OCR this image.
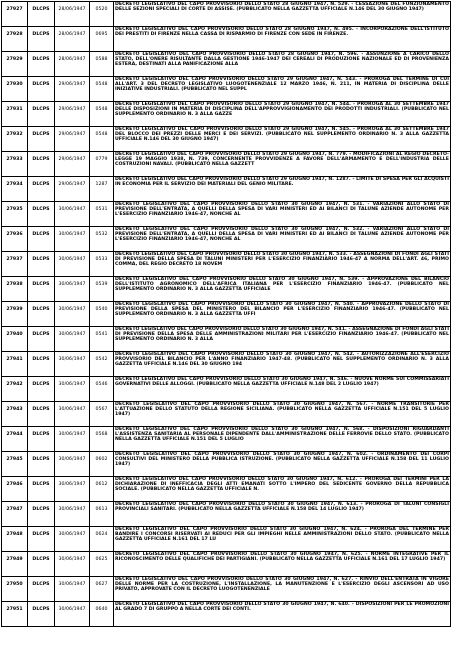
27927	DLCPS	28/06/1947	0520	DECRETO LEGISLATIVO DEL CAPO PROVVISORIO DELLO STATO 28 GIUGNO 1947, N. 529. - CESSAZIONE DEL FUNZIONAMENTO DELLE SEZIONI SPECIALI DI CORTE DI ASSISE. (PUBBLICATO NELLA GAZZETTA UFFICIALE N.146 DEL 30 GIUGNO 1947)
27928	DLCPS	28/06/1947	0695	DECRETO LEGISLATIVO DEL CAPO PROVVISORIO DELLO STATO 28 GIUGNO 1947, N. 495. - INCORPORAZIONE DELL'ISTITUTO DEI PRESTITI DI FIRENZE NELLA CASSA DI RISPARMIO DI FIRENZE CON SEDE IN FIRENZE.
27929	DLCPS	28/06/1947	0588	DECRETO LEGISLATIVO DEL CAPO PROVVISORIO DELLO STATO 28 GIUGNO 1947, N. 596. - ASSUNZIONE A CARICO DELLO STATO, DELL'ONERE RISULTANTE DALLA GESTIONE 1946-1947 DEI CEREALI DI PRODUZIONE NAZIONALE ED DI PROVENIENZA ESTERA, DESTINATI ALLA PANIFICAZIONE ALLA
27930	DLCPS	29/06/1947	0548	DECRETO LEGISLATIVO DEL CAPO PROVVISORIO DELLO STATO 29 GIUGNO 1947, N. 543. - PROROGA DEL TERMINE DI CUI ALL'ART. 3 DEL DECRETO LEGISLATIVO LUOGOTENENZIALE 12 MARZO 1946, N. 211, IN MATERIA DI DISCIPLINA DELLE INIZIATIVE INDUSTRIALI. (PUBBLICATO NEL SUPPL
27931	DLCPS	29/06/1947	0548	DECRETO LEGISLATIVO DEL CAPO PROVVISORIO DELLO STATO 29 GIUGNO 1947, N. 544. - PROROGA AL 30 SETTEMBRE 1947 DELLE DISPOSIZIONI IN MATERIA DI DISCIPLINA DELL'APPROVVIGIONAMENTO DEI PRODOTTI INDUSTRIALI. (PUBBLICATO NEL SUPPLEMENTO ORDINARIO N. 3 ALLA GAZZE
27932	DLCPS	29/06/1947	0548	DECRETO LEGISLATIVO DEL CAPO PROVVISORIO DELLO STATO 29 GIUGNO 1947, N. 545. - PROROGA AL 30 SETTEMBRE 1947 DEL BLOCCO DEI PREZZI DELLE MERCI E DEI SERVIZI. (PUBBLICATO NEL SUPPLEMENTO ORDINARIO N. 3 ALLA GAZZETTA UFFICIALE N.146 DEL 30 GIUGNO 1947)
27933	DLCPS	29/06/1947	0779	DECRETO LEGISLATIVO DEL CAPO PROVVISORIO DELLO STATO 29 GIUGNO 1947, N. 779. - MODIFICAZIONI AL REGIO DECRETO-LEGGE 19 MAGGIO 1938, N. 739, CONCERNENTE PROVVIDENZE A FAVORE DELL'ARMAMENTO E DELL'INDUSTRIA DELLE COSTRUZIONI NAVALI. (PUBBLICATO NELLA GAZZETT
27934	DLCPS	29/06/1947	1287	DECRETO LEGISLATIVO DEL CAPO PROVVISORIO DELLO STATO 29 GIUGNO 1947, N. 1287. - LIMITE DI SPESA PER GLI ACQUISTI IN ECONOMIA PER IL SERVIZIO DEI MATERIALI DEL GENIO MILITARE.
27935	DLCPS	30/06/1947	0531	DECRETO LEGISLATIVO DEL CAPO PROVVISORIO DELLO STATO 30 GIUGNO 1947, N. 531. - VARIAZIONI ALLO STATO DI PREVISIONE DELL'ENTRATA, A QUELLI DELLA SPESA DI VARI MINISTERI ED AI BILANCI DI TALUNE AZIENDE AUTONOME PER L'ESERCIZIO FINANZIARIO 1946-47, NONCHE AL
27936	DLCPS	30/06/1947	0532	DECRETO LEGISLATIVO DEL CAPO PROVVISORIO DELLO STATO 30 GIUGNO 1947, N. 532. - VARIAZIONI ALLO STATO DI PREVISIONE DELL'ENTRATA, A QUELLI DELLA SPESA DI VARI MINISTERI ED AI BILANCI DI TALUNE AZIENDE AUTONOME PER L'ESERCIZIO FINANZIARIO 1946-47, NONCHE AL
27937	DLCPS	30/06/1947	0533	DECRETO LEGISLATIVO DEL CAPO PROVVISORIO DELLO STATO 30 GIUGNO 1947, N. 533. - ASSEGNAZIONI DI FONDI AGLI STATI DI PREVISIONE DELLA SPESA DI TALUNI MINISTERI PER L'ESERCIZIO FINANZIARIO 1946-47 A NORMA DELL'ART. 46, PRIMO COMMA, DEL REGIO DECRETO 18 NOVEM
27938	DLCPS	30/06/1947	0539	DECRETO LEGISLATIVO DEL CAPO PROVVISORIO DELLO STATO 30 GIUGNO 1947, N. 539. - APPROVAZIONE DEL BILANCIO DELL'ISTITUTO AGRONOMICO DELL'AFRICA ITALIANA PER L'ESERCIZIO FINANZIARIO 1946-47. (PUBBLICATO NEL SUPPLEMENTO ORDINARIO N. 3 ALLA GAZZETTA UFFICIALE
27939	DLCPS	30/06/1947	0540	DECRETO LEGISLATIVO DEL CAPO PROVVISORIO DELLO STATO 30 GIUGNO 1947, N. 540. - APPROVAZIONE DELLO STATO DI PREVISIONE DELLA SPESA DEL MINISTERO DEL BILANCIO PER L'ESERCIZIO FINANZIARIO 1946-47. (PUBBLICATO NEL SUPPLEMENTO ORDINARIO N. 3 ALLA GAZZETTA UFFI
27940	DLCPS	30/06/1947	0541	DECRETO LEGISLATIVO DEL CAPO PROVVISORIO DELLO STATO 30 GIUGNO 1947, N. 541. - ASSEGNAZIONE DI FONDI AGLI STATI DI PREVISIONE DELLA SPESA DELLE AMMINISTRAZIONI MILITARI PER L'ESERCIZIO FINANZIARIO 1946-47. (PUBBLICATO NEL SUPPLEMENTO ORDINARIO N. 3 ALLA
27941	DLCPS	30/06/1947	0542	DECRETO LEGISLATIVO DEL CAPO PROVVISORIO DELLO STATO 30 GIUGNO 1947, N. 542. - AUTORIZZAZIONE ALL'ESERCIZIO PROVVISORIO DEL BILANCIO PER L'ANNO FINANZIARIO 1947-48. (PUBBLICATO NEL SUPPLEMENTO ORDINARIO N. 3 ALLA GAZZETTA UFFICIALE N.146 DEL 30 GIUGNO 194
27942	DLCPS	30/06/1947	0546	DECRETO LEGISLATIVO DEL CAPO PROVVISORIO DELLO STATO 30 GIUGNO 1947, N. 546. - NUOVE NORME SUI COMMISSARIATI GOVERNATIVI DELLE ALLOGGI. (PUBBLICATO NELLA GAZZETTA UFFICIALE N.148 DEL 2 LUGLIO 1947)
27943	DLCPS	30/06/1947	0567	DECRETO LEGISLATIVO DEL CAPO PROVVISORIO DELLO STATO 30 GIUGNO 1947, N. 567. - NORME TRANSITORIE PER L'ATTUAZIONE DELLO STATUTO DELLA REGIONE SICILIANA. (PUBBLICATO NELLA GAZZETTA UFFICIALE N.151 DEL 5 LUGLIO 1947)
27944	DLCPS	30/06/1947	0568	DECRETO LEGISLATIVO DEL CAPO PROVVISORIO DELLO STATO 30 GIUGNO 1947, N. 568. - DISPOSIZIONI RIGUARDANTI L'ASSISTENZA SANITARIA AL PERSONALE DIPENDENTE DALL'AMMINISTRAZIONE DELLE FERROVIE DELLO STATO. (PUBBLICATO NELLA GAZZETTA UFFICIALE N.151 DEL 5 LUGLIO
27945	DLCPS	30/06/1947	0602	DECRETO LEGISLATIVO DEL CAPO PROVVISORIO DELLO STATO 30 GIUGNO 1947, N. 602. - ORDINAMENTO DEI CORPI CONSULTIVI DEL MINISTERO DELLA PUBBLICA ISTRUZIONE. (PUBBLICATO NELLA GAZZETTA UFFICIALE N.158 DEL 11 LUGLIO 1947)
27946	DLCPS	30/06/1947	0612	DECRETO LEGISLATIVO DEL CAPO PROVVISORIO DELLO STATO 30 GIUGNO 1947, N. 612. - PROROGA DEI TERMINI PER LA DICHIARAZIONE DI INEFFICACIA DEGLI ATTI EMANATI SOTTO L'IMPERO DEL SEDICENTE GOVERNO DELLA REPUBBLICA SOCIALE. (PUBBLICATO NELLA GAZZETTA UFFICIALE N.
27947	DLCPS	30/06/1947	0613	DECRETO LEGISLATIVO DEL CAPO PROVVISORIO DELLO STATO 30 GIUGNO 1947, N. 613. - PROROGA DI TALUNI CONSIGLI PROVINCIALI SANITARI. (PUBBLICATO NELLA GAZZETTA UFFICIALE N.158 DEL 14 LUGLIO 1947)
27948	DLCPS	30/06/1947	0624	DECRETO LEGISLATIVO DEL CAPO PROVVISORIO DELLO STATO 30 GIUGNO 1947, N. 624. - PROROGA DEL TERMINE PER BANDIRE I CONCORSI RISERVATI AI REDUCI PER GLI IMPIEGHI NELLE AMMINISTRAZIONI DELLO STATO. (PUBBLICATO NELLA GAZZETTA UFFICIALE N.161 DEL 17 LU
27949	DLCPS	30/06/1947	0625	DECRETO LEGISLATIVO DEL CAPO PROVVISORIO DELLO STATO 30 GIUGNO 1947, N. 625. - NORME INTEGRATIVE PER IL RICONOSCIMENTO DELLE QUALIFICHE DEI PARTIGIANI. (PUBBLICATO NELLA GAZZETTA UFFICIALE N.161 DEL 17 LUGLIO 1947)
27950	DLCPS	30/06/1947	0627	DECRETO LEGISLATIVO DEL CAPO PROVVISORIO DELLO STATO 30 GIUGNO 1947, N. 627. - RINVIO DELL'ENTRATA IN VIGORE DELLE NORME PER LA COSTRUZIONE, L'INSTALLAZIONE, LA MANUTENZIONE E L'ESERCIZIO DEGLI ASCENSORI AD USO PRIVATO, APPROVATE CON IL DECRETO LUOGOTENENZIALE
27951	DLCPS	30/06/1947	0640	DECRETO LEGISLATIVO DEL CAPO PROVVISORIO DELLO STATO 30 GIUGNO 1947, N. 640. - DISPOSIZIONI PER LE PROMOZIONI AL GRADO 7 DI GRUPPO A NELLA CORTE DEI CONTI.
